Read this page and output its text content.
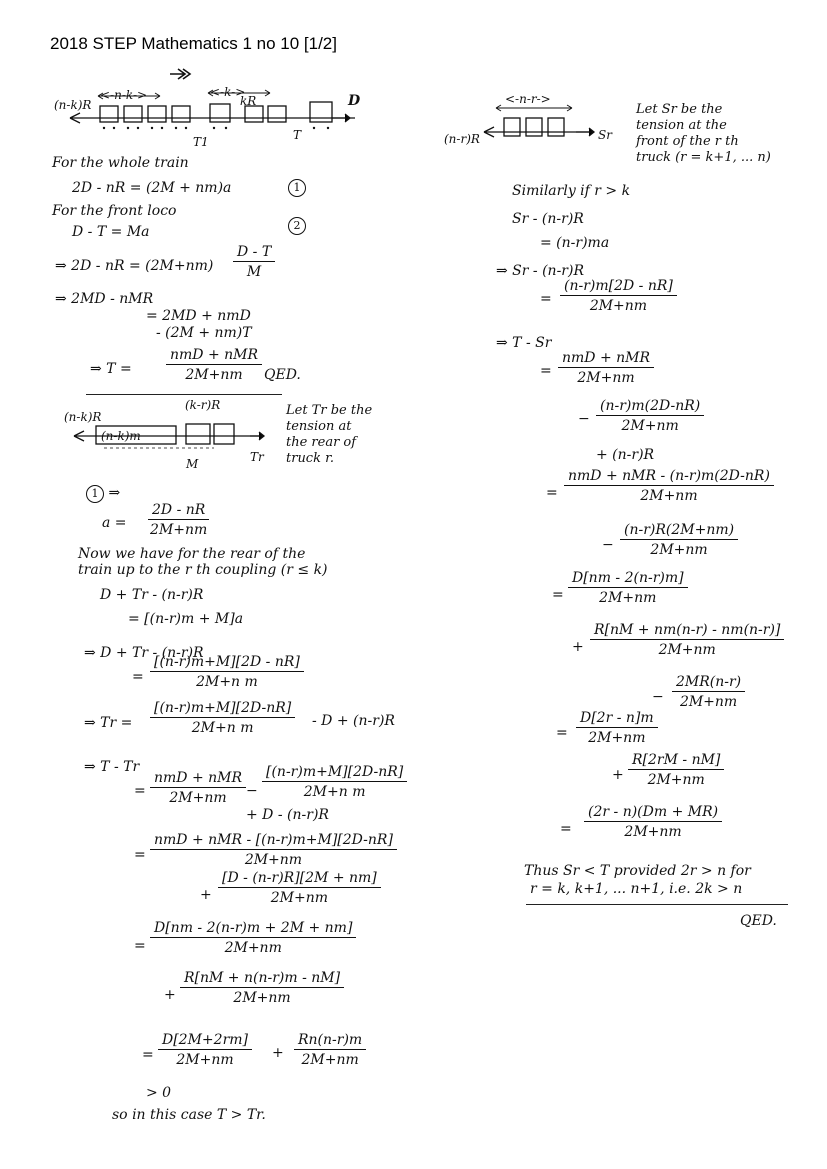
2018 STEP Mathematics 1 no 10 [1/2]
(n-k)R
<-n-k->	<-k->
kR
T1	T
D
For the whole train
2D - nR = (2M + nm)a	1
For the front loco
D - T = Ma	2
⇒ 2D - nR = $(2M+nm) \frac{D - T}{M}$
⇒ 2MD - nMR
= 2MD + nmD
- (2M + nm)T
⇒ T =
nmD + nMR
2M+nm	QED.
(n-k)R
(n-k)m
(k-r)R
M	Tr
Let Tr be the
tension at
the rear of
truck r.
1 ⇒
$a = \frac{2D - nR}{2M+nm}$
Now we have for the rear of the
train up to the r th coupling (r ≤ k)
D + Tr - (n-r)R
= [(n-r)m + M]a
⇒ D + Tr - (n-r)R
= $\frac{[(n-r)m+M][2D - nR]}{\text{2M+n m}}$
⇒ $Tr = \frac{[(n-r)m+M][2D-nR]}{\text{2M+n m}} - D + (n-r)R$
⇒ T - Tr
=
nmD + nMR
2M+nm	− $\frac{[(n-r)m+M][2D-nR]}{\text{2M+n m}}$
+ D - (n-r)R
=
nmD + nMR - [(n-r)m+M][2D-nR]
2M+nm
+ $\frac{[D - (n-r)R][2M + nm]}{2M+nm}$
= $\frac{D[nm - 2(n-r)m + 2M + nm]}{2M+nm}$
+ $\frac{R[nM + n(n-r)m - nM]}{2M+nm}$
= $\frac{D[2M+2rm]}{2M+nm} + \frac{Rn(n-r)m}{2M+nm}$
> 0
so in this case T > Tr.
<-n-r->
(n-r)R	Sr
Let Sr be the
tension at the
front of the r th
truck (r = k+1, ... n)
Similarly if r > k
Sr - (n-r)R
= (n-r)ma
⇒ Sr - (n-r)R
= $\frac{(n-r)m[2D - nR]}{2M+nm}$
⇒ T - Sr
=
nmD + nMR
2M+nm
− $\frac{(n-r)m(2D-nR)}{2M+nm}$
+ (n-r)R
=
nmD + nMR - (n-r)m(2D-nR)
2M+nm
− $\frac{(n-r)R(2M+nm)}{2M+nm}$
= $\frac{D[nm - 2(n-r)m]}{2M+nm}$
+ $\frac{R[nM + nm(n-r) - nm(n-r)]}{2M+nm}$
− $\frac{2MR(n-r)}{2M+nm}$
= $\frac{D[2r - n]m}{2M+nm}$
+ $\frac{R[2rM - nM]}{2M+nm}$
= $\frac{(2r - n)(Dm + MR)}{2M+nm}$
Thus Sr < T provided 2r > n for
r = k, k+1, ... n+1, i.e. 2k > n
QED.
